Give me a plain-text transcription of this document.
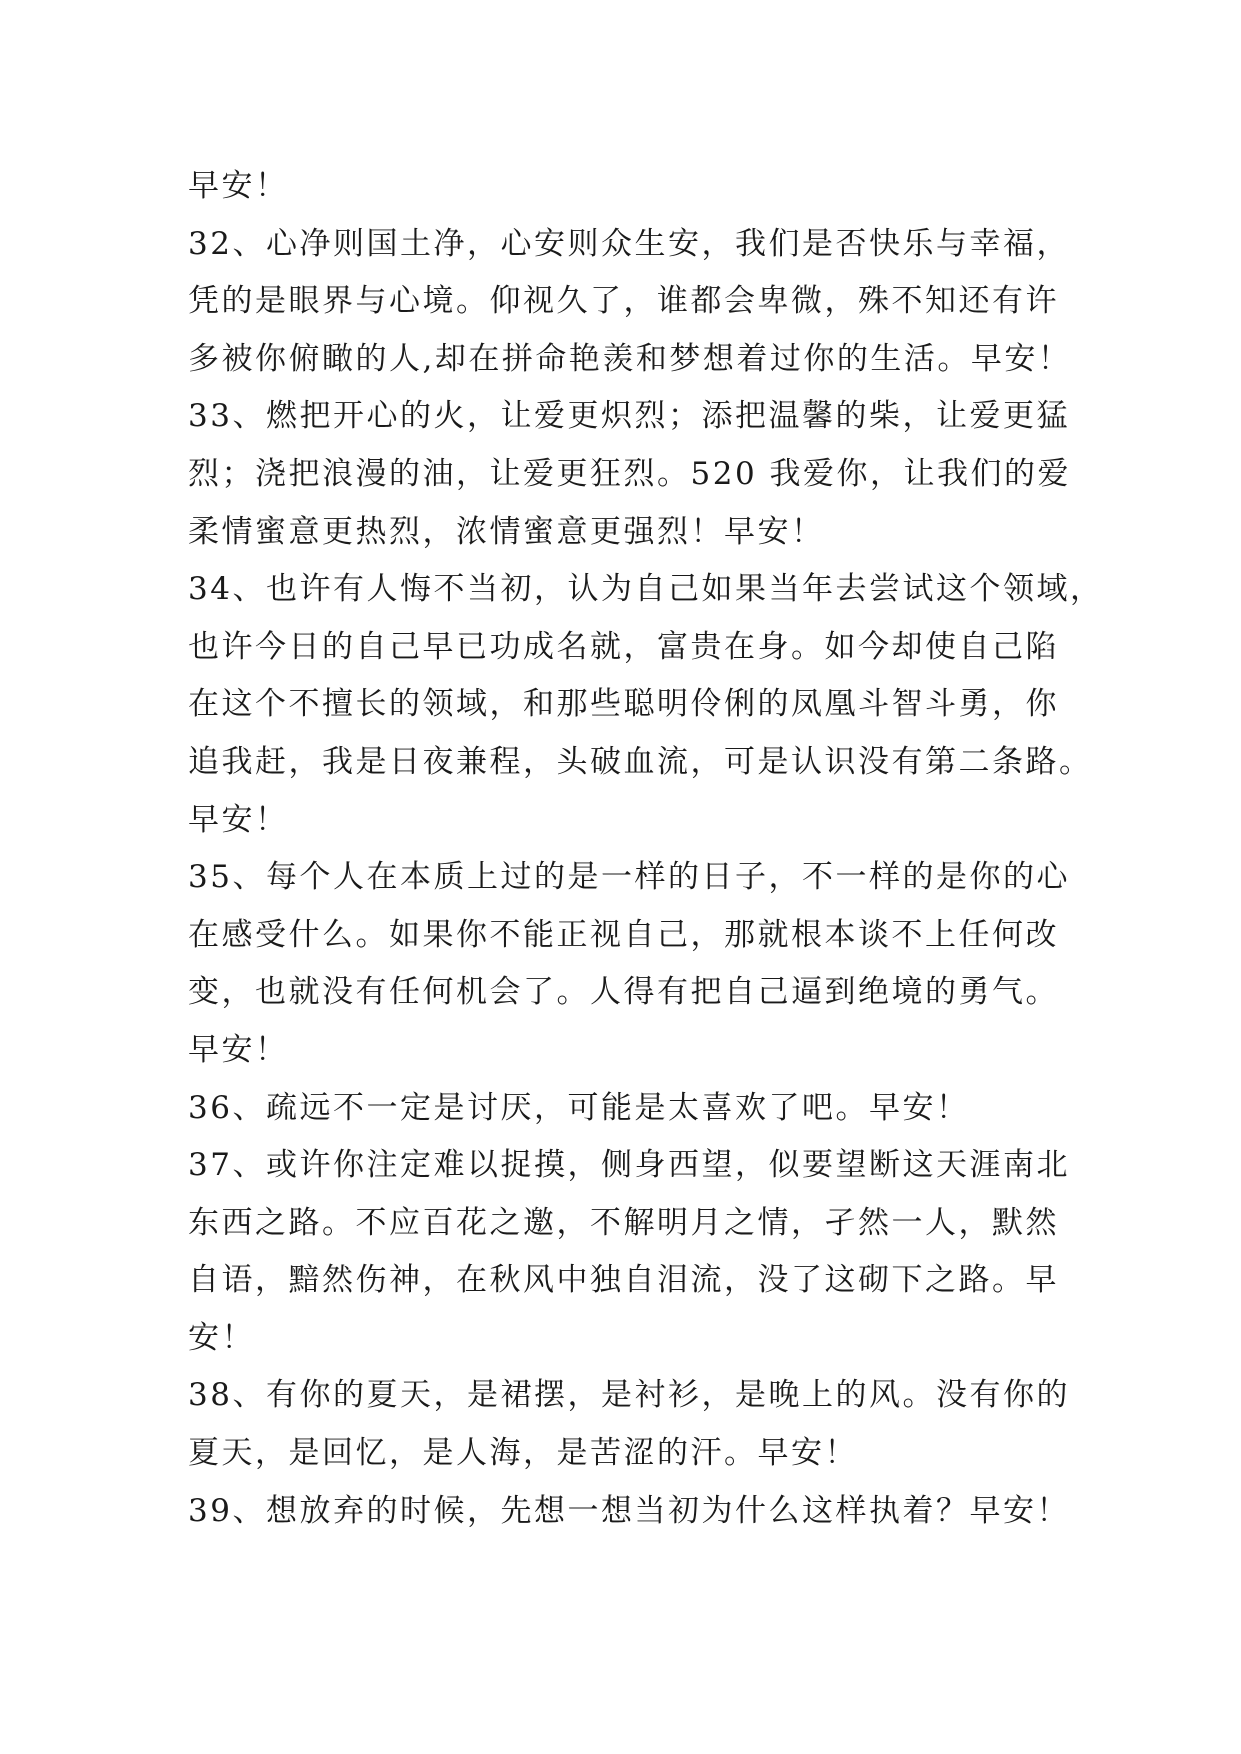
早安！
32、心净则国土净，心安则众生安，我们是否快乐与幸福，
凭的是眼界与心境。仰视久了，谁都会卑微，殊不知还有许
多被你俯瞰的人,却在拼命艳羡和梦想着过你的生活。早安！
33、燃把开心的火，让爱更炽烈；添把温馨的柴，让爱更猛
烈；浇把浪漫的油，让爱更狂烈。520 我爱你，让我们的爱
柔情蜜意更热烈，浓情蜜意更强烈！早安！
34、也许有人悔不当初，认为自己如果当年去尝试这个领域，
也许今日的自己早已功成名就，富贵在身。如今却使自己陷
在这个不擅长的领域，和那些聪明伶俐的凤凰斗智斗勇，你
追我赶，我是日夜兼程，头破血流，可是认识没有第二条路。
早安！
35、每个人在本质上过的是一样的日子，不一样的是你的心
在感受什么。如果你不能正视自己，那就根本谈不上任何改
变，也就没有任何机会了。人得有把自己逼到绝境的勇气。
早安！
36、疏远不一定是讨厌，可能是太喜欢了吧。早安！
37、或许你注定难以捉摸，侧身西望，似要望断这天涯南北
东西之路。不应百花之邀，不解明月之情，孑然一人，默然
自语，黯然伤神，在秋风中独自泪流，没了这砌下之路。早
安！
38、有你的夏天，是裙摆，是衬衫，是晚上的风。没有你的
夏天，是回忆，是人海，是苦涩的汗。早安！
39、想放弃的时候，先想一想当初为什么这样执着？早安！
